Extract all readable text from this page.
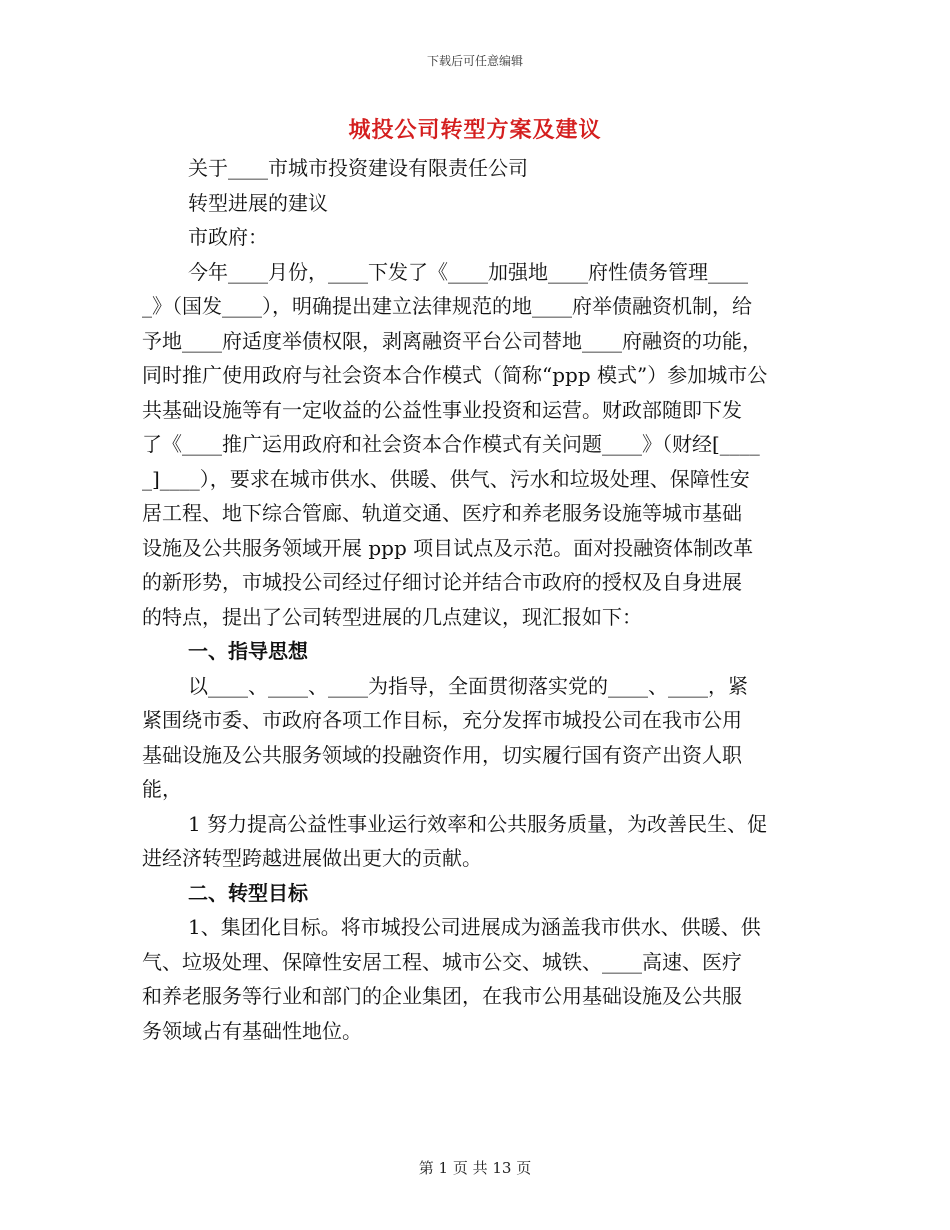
下载后可任意编辑
城投公司转型方案及建议
关于____市城市投资建设有限责任公司
转型进展的建议
市政府：
今年____月份，____下发了《____加强地____府性债务管理____
_》（国发____），明确提出建立法律规范的地____府举债融资机制，给
予地____府适度举债权限，剥离融资平台公司替地____府融资的功能，
同时推广使用政府与社会资本合作模式（简称“ppp 模式”）参加城市公
共基础设施等有一定收益的公益性事业投资和运营。财政部随即下发
了《____推广运用政府和社会资本合作模式有关问题____》（财经[____
_]____），要求在城市供水、供暖、供气、污水和垃圾处理、保障性安
居工程、地下综合管廊、轨道交通、医疗和养老服务设施等城市基础
设施及公共服务领域开展 ppp 项目试点及示范。面对投融资体制改革
的新形势，市城投公司经过仔细讨论并结合市政府的授权及自身进展
的特点，提出了公司转型进展的几点建议，现汇报如下：
一、指导思想
以____、____、____为指导，全面贯彻落实党的____、____，紧
紧围绕市委、市政府各项工作目标，充分发挥市城投公司在我市公用
基础设施及公共服务领域的投融资作用，切实履行国有资产出资人职
能，
1 努力提高公益性事业运行效率和公共服务质量，为改善民生、促
进经济转型跨越进展做出更大的贡献。
二、转型目标
1、集团化目标。将市城投公司进展成为涵盖我市供水、供暖、供
气、垃圾处理、保障性安居工程、城市公交、城铁、____高速、医疗
和养老服务等行业和部门的企业集团，在我市公用基础设施及公共服
务领域占有基础性地位。
第 1 页 共 13 页
